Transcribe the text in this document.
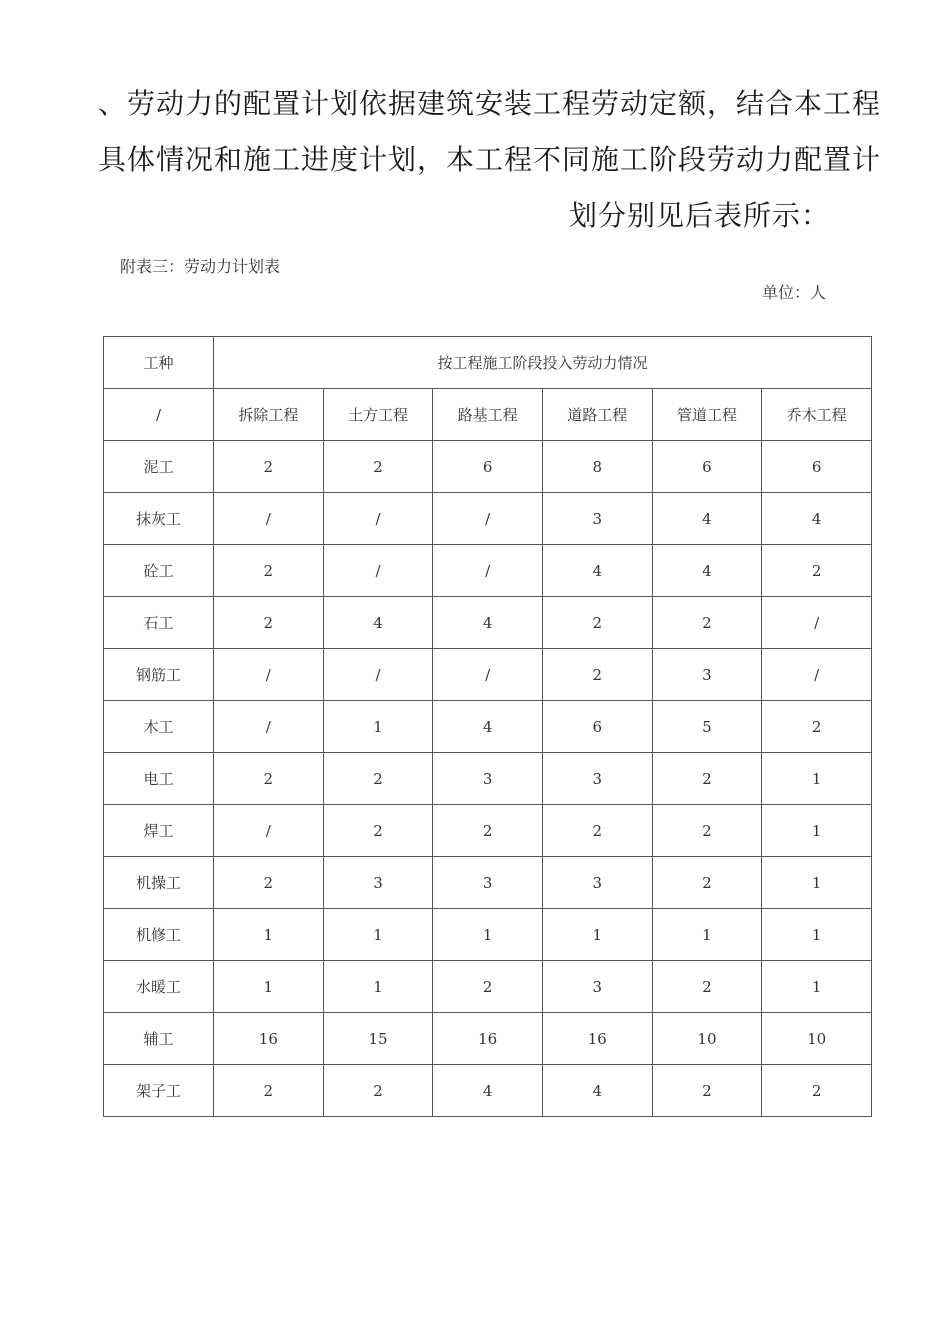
、劳动力的配置计划依据建筑安装工程劳动定额，结合本工程
具体情况和施工进度计划，本工程不同施工阶段劳动力配置计
划分别见后表所示：
附表三：劳动力计划表
单位：人
工种	按工程施工阶段投入劳动力情况					
/	拆除工程	土方工程	路基工程	道路工程	管道工程	乔木工程
泥工	2	2	6	8	6	6
抹灰工	/	/	/	3	4	4
砼工	2	/	/	4	4	2
石工	2	4	4	2	2	/
钢筋工	/	/	/	2	3	/
木工	/	1	4	6	5	2
电工	2	2	3	3	2	1
焊工	/	2	2	2	2	1
机操工	2	3	3	3	2	1
机修工	1	1	1	1	1	1
水暖工	1	1	2	3	2	1
辅工	16	15	16	16	10	10
架子工	2	2	4	4	2	2
